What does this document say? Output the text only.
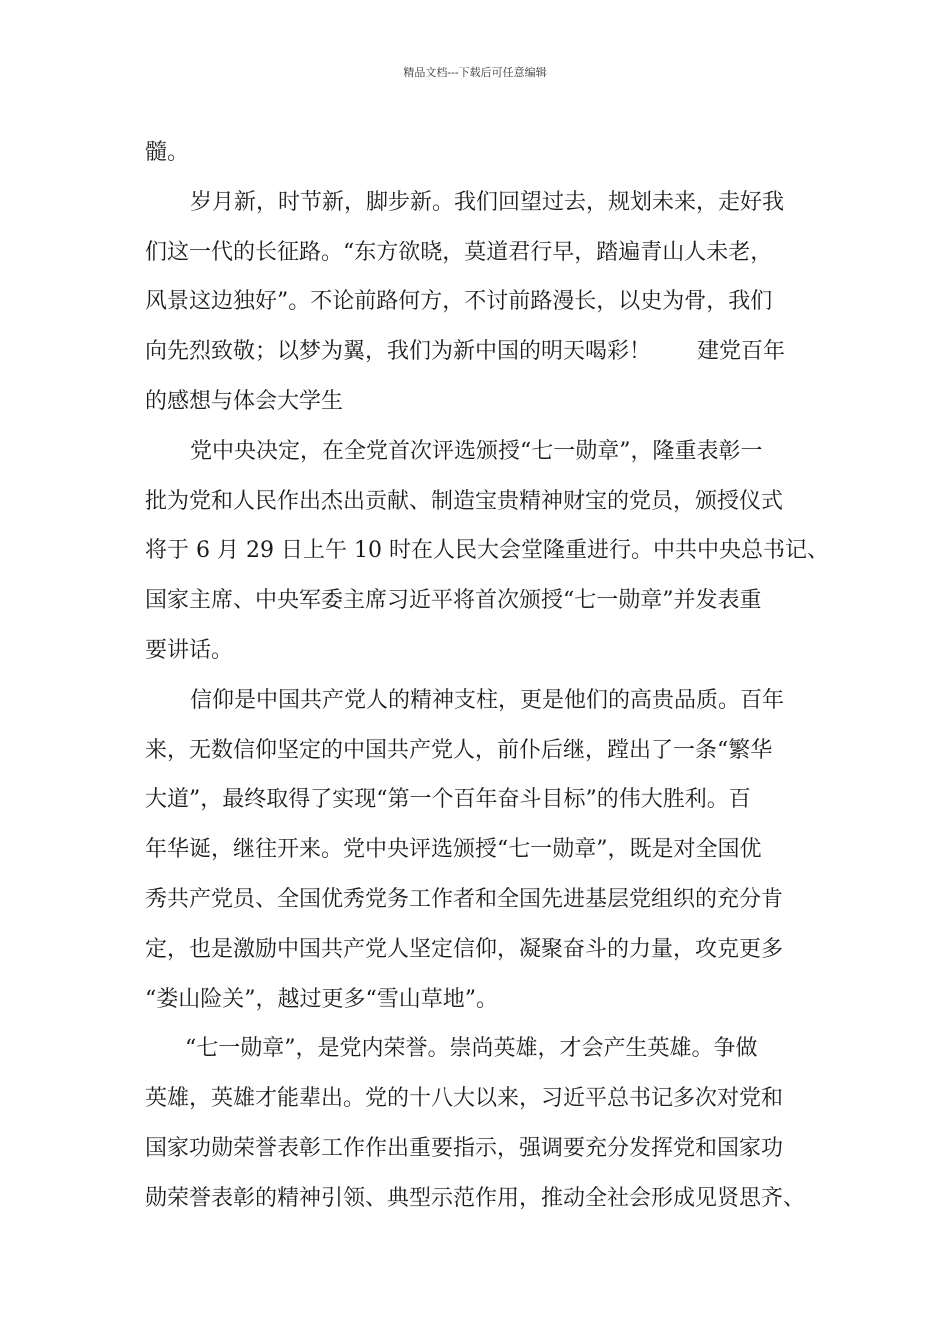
精品文档---下载后可任意编辑
髓。
岁月新，时节新，脚步新。我们回望过去，规划未来，走好我
们这一代的长征路。“东方欲晓，莫道君行早，踏遍青山人未老，
风景这边独好”。不论前路何方，不讨前路漫长，以史为骨，我们
向先烈致敬；以梦为翼，我们为新中国的明天喝彩！ 建党百年
的感想与体会大学生
党中央决定，在全党首次评选颁授“七一勋章”，隆重表彰一
批为党和人民作出杰出贡献、制造宝贵精神财宝的党员，颁授仪式
将于 6 月 29 日上午 10 时在人民大会堂隆重进行。中共中央总书记、
国家主席、中央军委主席习近平将首次颁授“七一勋章”并发表重
要讲话。
信仰是中国共产党人的精神支柱，更是他们的高贵品质。百年
来，无数信仰坚定的中国共产党人，前仆后继，蹚出了一条“繁华
大道”，最终取得了实现“第一个百年奋斗目标”的伟大胜利。百
年华诞，继往开来。党中央评选颁授“七一勋章”，既是对全国优
秀共产党员、全国优秀党务工作者和全国先进基层党组织的充分肯
定，也是激励中国共产党人坚定信仰，凝聚奋斗的力量，攻克更多
“娄山险关”，越过更多“雪山草地”。
“七一勋章”，是党内荣誉。崇尚英雄，才会产生英雄。争做
英雄，英雄才能辈出。党的十八大以来，习近平总书记多次对党和
国家功勋荣誉表彰工作作出重要指示，强调要充分发挥党和国家功
勋荣誉表彰的精神引领、典型示范作用，推动全社会形成见贤思齐、
